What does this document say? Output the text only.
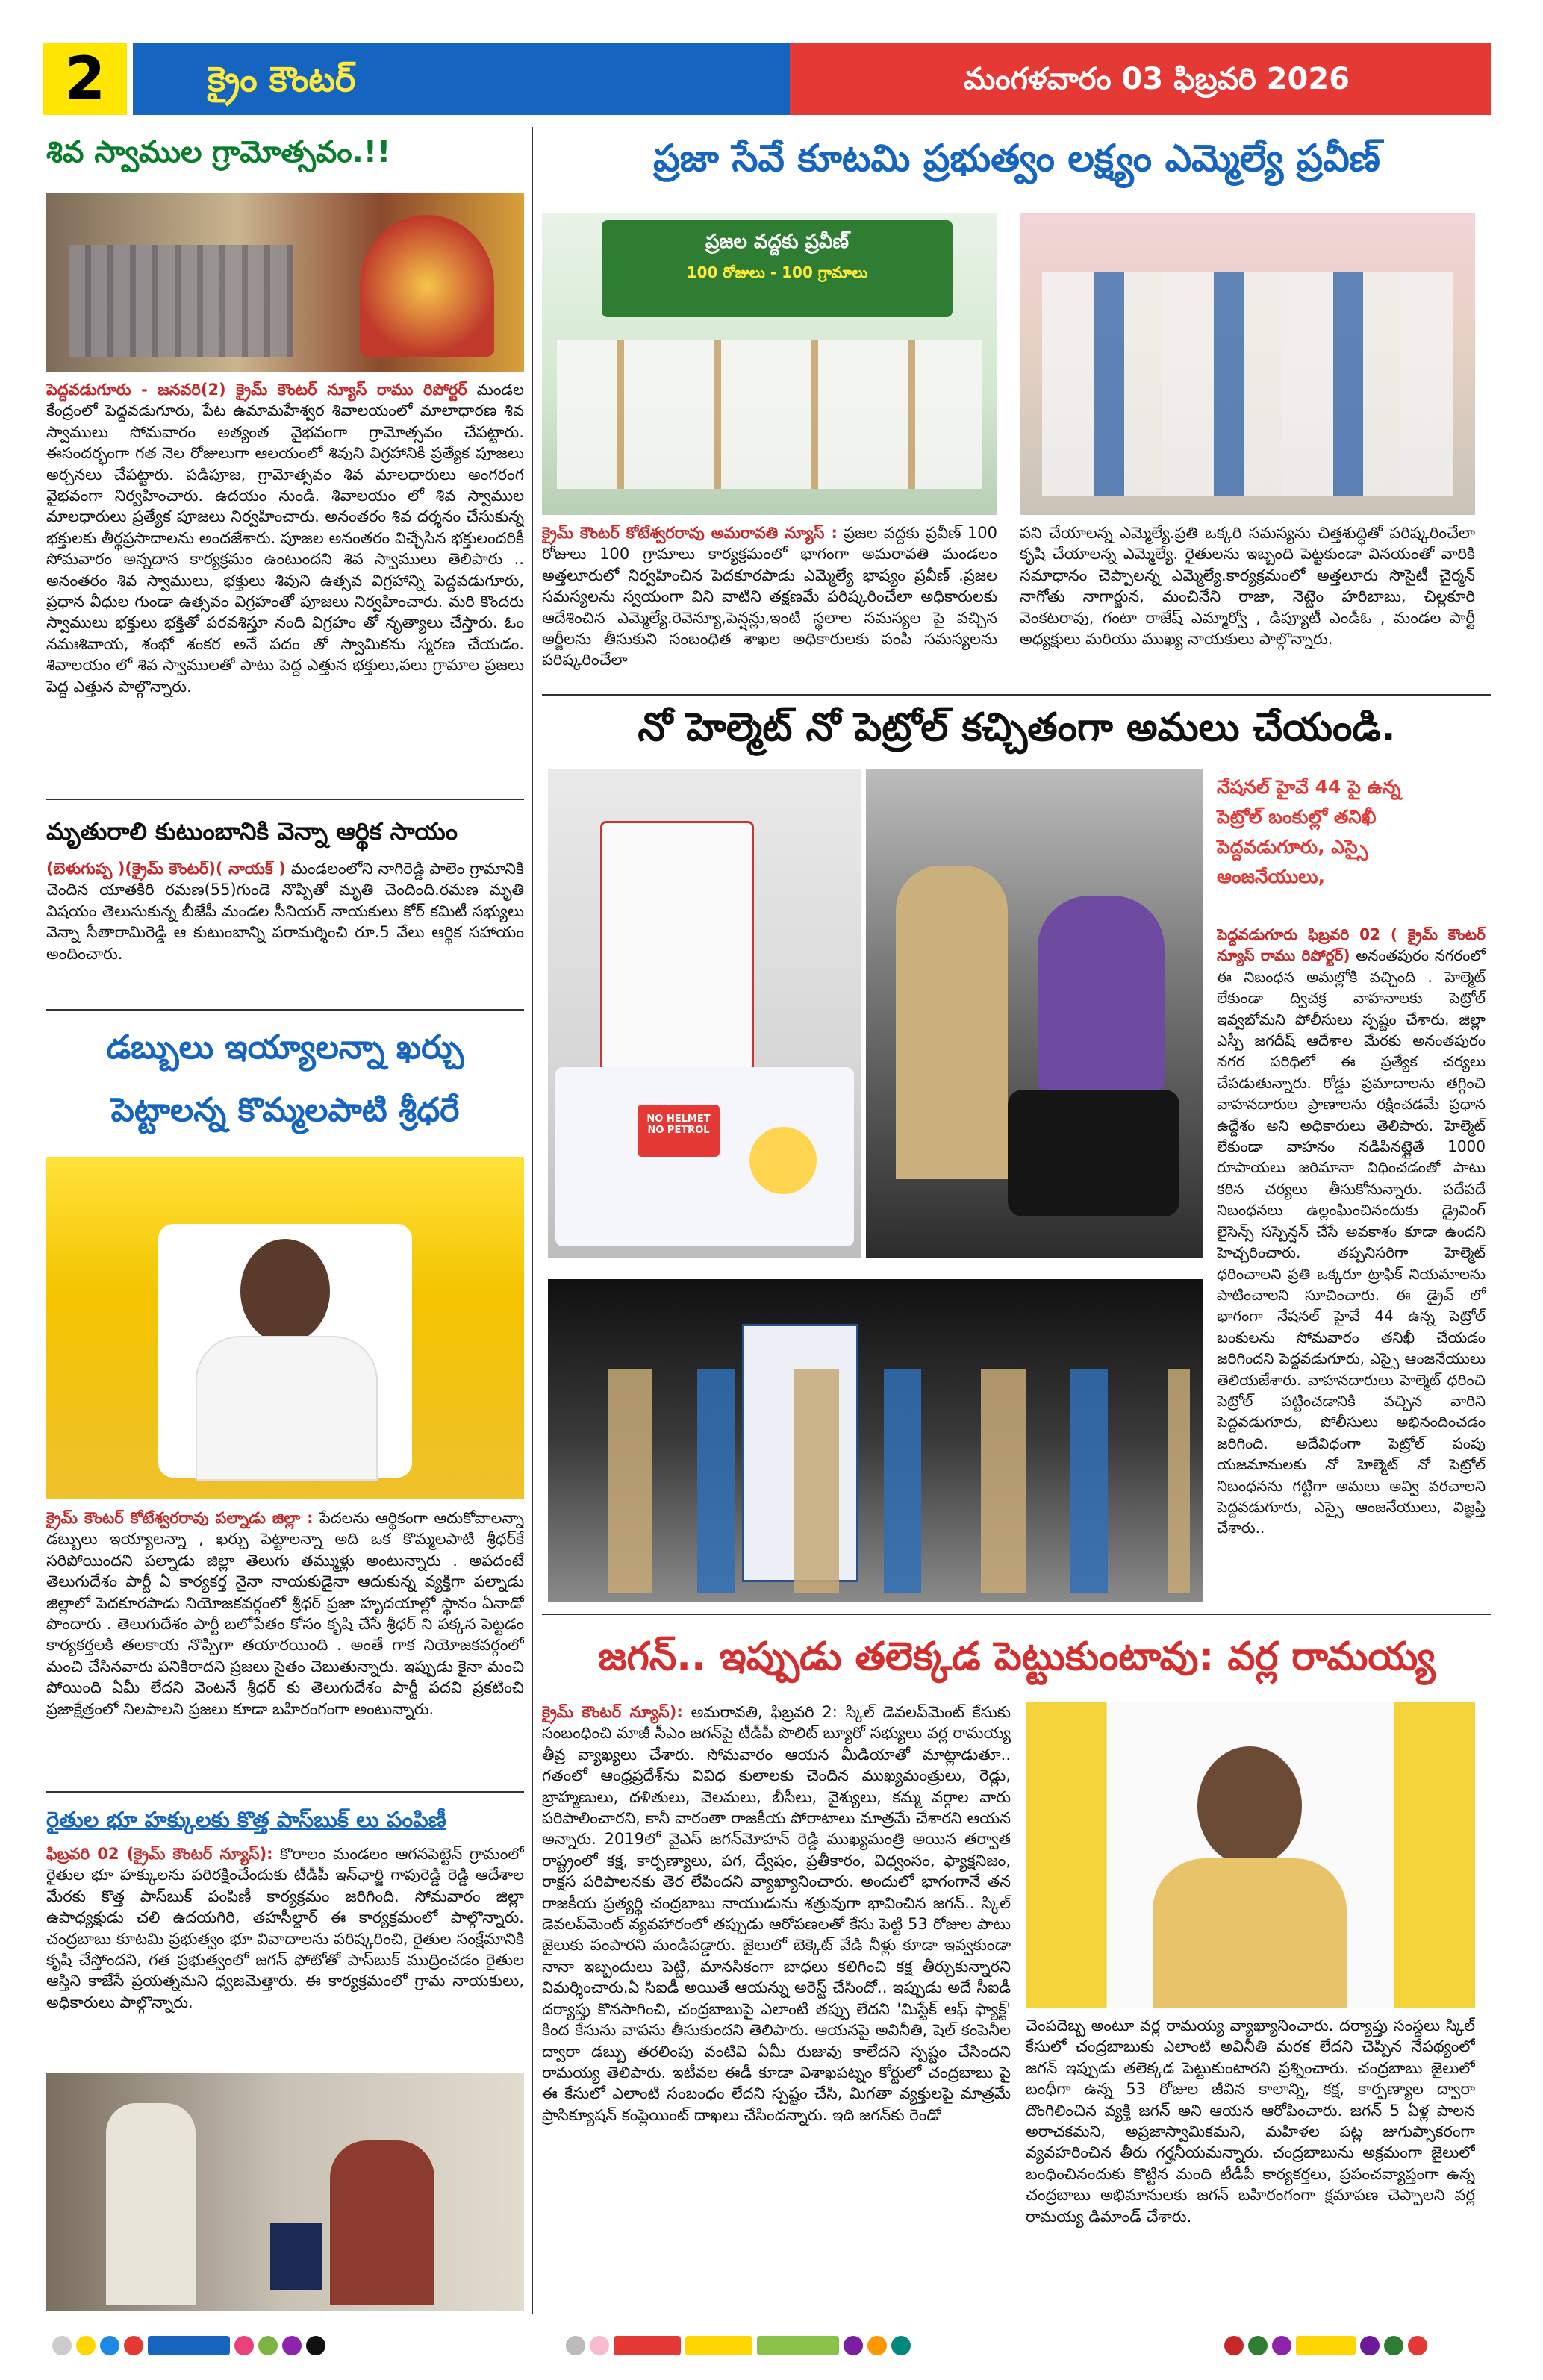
2	క్రైం కౌంటర్	మంగళవారం 03 ఫిబ్రవరి 2026
శివ స్వాముల గ్రామోత్సవం.!!
పెద్దవడుగూరు - జనవరి(2) క్రైమ్ కౌంటర్ న్యూస్ రాము రిపోర్టర్ మండల కేంద్రంలో పెద్దవడుగూరు, పేట ఉమామహేశ్వర శివాలయంలో మాలాధారణ శివ స్వాములు సోమవారం అత్యంత వైభవంగా గ్రామోత్సవం చేపట్టారు. ఈసందర్భంగా గత నెల రోజులుగా ఆలయంలో శివుని విగ్రహానికి ప్రత్యేక పూజలు అర్చనలు చేపట్టారు. పడిపూజ, గ్రామోత్సవం శివ మాలధారులు అంగరంగ వైభవంగా నిర్వహించారు. ఉదయం నుండి. శివాలయం లో శివ స్వాముల మాలధారులు ప్రత్యేక పూజలు నిర్వహించారు. అనంతరం శివ దర్శనం చేసుకున్న భక్తులకు తీర్థప్రసాదాలను అందజేశారు. పూజల అనంతరం విచ్చేసిన భక్తులందరికీ సోమవారం అన్నదాన కార్యక్రమం ఉంటుందని శివ స్వాములు తెలిపారు .. అనంతరం శివ స్వాములు, భక్తులు శివుని ఉత్సవ విగ్రహాన్ని పెద్దవడుగూరు, ప్రధాన వీధుల గుండా ఉత్సవం విగ్రహంతో పూజలు నిర్వహించారు. మరి కొందరు స్వాములు భక్తులు భక్తితో పరవశిస్తూ నంది విగ్రహం తో నృత్యాలు చేస్తారు. ఓం నమఃశివాయ, శంభో శంకర అనే పదం తో స్వామికను స్మరణ చేయడం. శివాలయం లో శివ స్వాములతో పాటు పెద్ద ఎత్తున భక్తులు,పలు గ్రామాల ప్రజలు పెద్ద ఎత్తున పాల్గొన్నారు.
మృతురాలి కుటుంబానికి వెన్నా ఆర్థిక సాయం
(బెళుగుప్ప )(క్రైమ్ కౌంటర్)( నాయక్ ) మండలంలోని నాగిరెడ్డి పాలెం గ్రామానికి చెందిన యాతకిరి రమణ(55)గుండె నొప్పితో మృతి చెందింది.రమణ మృతి విషయం తెలుసుకున్న బీజేపీ మండల సీనియర్ నాయకులు కోర్ కమిటీ సభ్యులు వెన్నా సీతారామిరెడ్డి ఆ కుటుంబాన్ని పరామర్శించి రూ.5 వేలు ఆర్థిక సహాయం అందించారు.
డబ్బులు ఇయ్యాలన్నా ఖర్చు
పెట్టాలన్న కొమ్మలపాటి శ్రీధరే
క్రైమ్ కౌంటర్ కోటేశ్వరరావు పల్నాడు జిల్లా : పేదలను ఆర్థికంగా ఆదుకోవాలన్నా డబ్బులు ఇయ్యాలన్నా , ఖర్చు పెట్టాలన్నా అది ఒక కొమ్మలపాటి శ్రీధర్‌కే సరిపోయిందని పల్నాడు జిల్లా తెలుగు తమ్ముళ్లు అంటున్నారు . అపదంటే తెలుగుదేశం పార్టీ ఏ కార్యకర్త నైనా నాయకుడైనా ఆదుకున్న వ్యక్తిగా పల్నాడు జిల్లాలో పెదకూరపాడు నియోజకవర్గంలో శ్రీధర్ ప్రజా హృదయాల్లో స్థానం ఏనాడో పొందారు . తెలుగుదేశం పార్టీ బలోపేతం కోసం కృషి చేసే శ్రీధర్ ని పక్కన పెట్టడం కార్యకర్తలకి తలకాయ నొప్పిగా తయారయింది . అంతే గాక నియోజకవర్గంలో మంచి చేసినవారు పనికిరాదని ప్రజలు సైతం చెబుతున్నారు. ఇప్పుడు కైనా మంచి పోయింది ఏమీ లేదని వెంటనే శ్రీధర్ కు తెలుగుదేశం పార్టీ పదవి ప్రకటించి ప్రజాక్షేత్రంలో నిలపాలని ప్రజలు కూడా బహిరంగంగా అంటున్నారు.
రైతుల భూ హక్కులకు కొత్త పాస్‌బుక్ లు పంపిణీ
ఫిబ్రవరి 02 (క్రైమ్ కౌంటర్ న్యూస్): కొరాలం మండలం ఆగనపెట్టెన్ గ్రామంలో రైతుల భూ హక్కులను పరిరక్షించేందుకు టీడీపీ ఇన్‌ఛార్జి గాపురెడ్డి రెడ్డి ఆదేశాల మేరకు కొత్త పాస్‌బుక్ పంపిణీ కార్యక్రమం జరిగింది. సోమవారం జిల్లా ఉపాధ్యక్షుడు చలి ఉదయగిరి, తహసీల్దార్ ఈ కార్యక్రమంలో పాల్గొన్నారు. చంద్రబాబు కూటమి ప్రభుత్వం భూ వివాదాలను పరిష్కరించి, రైతుల సంక్షేమానికి కృషి చేస్తోందని, గత ప్రభుత్వంలో జగన్ ఫోటోతో పాస్‌బుక్ ముద్రించడం రైతుల ఆస్తిని కాజేసే ప్రయత్నమని ధ్వజమెత్తారు. ఈ కార్యక్రమంలో గ్రామ నాయకులు, అధికారులు పాల్గొన్నారు.
ప్రజా సేవే కూటమి ప్రభుత్వం లక్ష్యం ఎమ్మెల్యే ప్రవీణ్
ప్రజల వద్దకు ప్రవీణ్
100 రోజులు - 100 గ్రామాలు
క్రైమ్ కౌంటర్ కోటేశ్వరరావు అమరావతి న్యూస్ : ప్రజల వద్దకు ప్రవీణ్ 100 రోజులు 100 గ్రామాలు కార్యక్రమంలో భాగంగా అమరావతి మండలం అత్తలూరులో నిర్వహించిన పెదకూరపాడు ఎమ్మెల్యే భాష్యం ప్రవీణ్ .ప్రజల సమస్యలను స్వయంగా విని వాటిని తక్షణమే పరిష్కరించేలా అధికారులకు ఆదేశించిన ఎమ్మెల్యే.రెవెన్యూ,పెన్షన్లు,ఇంటి స్థలాల సమస్యల పై వచ్చిన అర్జీలను తీసుకుని సంబంధిత శాఖల అధికారులకు పంపి సమస్యలను పరిష్కరించేలా
పని చేయాలన్న ఎమ్మెల్యే.ప్రతి ఒక్కరి సమస్యను చిత్తశుద్ధితో పరిష్కరించేలా కృషి చేయాలన్న ఎమ్మెల్యే. రైతులను ఇబ్బంది పెట్టకుండా వినయంతో వారికి సమాధానం చెప్పాలన్న ఎమ్మెల్యే.కార్యక్రమంలో అత్తలూరు సొసైటీ చైర్మన్ నాగోతు నాగార్జున, మంచినేని రాజా, నెట్టెం హరిబాబు, చిల్లకూరి వెంకటరావు, గంటా రాజేష్ ఎమ్మార్వో , డిప్యూటీ ఎండీఓ , మండల పార్టీ అధ్యక్షులు మరియు ముఖ్య నాయకులు పాల్గొన్నారు.
నో హెల్మెట్ నో పెట్రోల్ కచ్చితంగా అమలు చేయండి.
NO HELMET NO PETROL
నేషనల్ హైవే 44 పై ఉన్న
పెట్రోల్ బంకుల్లో తనిఖీ
పెద్దవడుగూరు, ఎస్సై
ఆంజనేయులు,
పెద్దవడుగూరు ఫిబ్రవరి 02 ( క్రైమ్ కౌంటర్ న్యూస్ రాము రిపోర్టర్) అనంతపురం నగరంలో ఈ నిబంధన అమల్లోకి వచ్చింది . హెల్మెట్ లేకుండా ద్విచక్ర వాహనాలకు పెట్రోల్ ఇవ్వబోమని పోలీసులు స్పష్టం చేశారు. జిల్లా ఎస్పీ జగదీష్ ఆదేశాల మేరకు అనంతపురం నగర పరిధిలో ఈ ప్రత్యేక చర్యలు చేపడుతున్నారు. రోడ్డు ప్రమాదాలను తగ్గించి వాహనదారుల ప్రాణాలను రక్షించడమే ప్రధాన ఉద్దేశం అని అధికారులు తెలిపారు. హెల్మెట్ లేకుండా వాహనం నడిపినట్లైతే 1000 రూపాయలు జరిమానా విధించడంతో పాటు కఠిన చర్యలు తీసుకోనున్నారు. పదేపదే నిబంధనలు ఉల్లంఘించినందుకు డ్రైవింగ్ లైసెన్స్ సస్పెన్షన్ చేసే అవకాశం కూడా ఉందని హెచ్చరించారు. తప్పనిసరిగా హెల్మెట్ ధరించాలని ప్రతి ఒక్కరూ ట్రాఫిక్ నియమాలను పాటించాలని సూచించారు. ఈ డ్రైవ్ లో భాగంగా నేషనల్ హైవే 44 ఉన్న పెట్రోల్ బంకులను సోమవారం తనిఖీ చేయడం జరిగిందని పెద్దవడుగూరు, ఎస్సై ఆంజనేయులు తెలియజేశారు. వాహనదారులు హెల్మెట్ ధరించి పెట్రోల్ పట్టించడానికి వచ్చిన వారిని పెద్దవడుగూరు, పోలీసులు అభినందించడం జరిగింది. అదేవిధంగా పెట్రోల్ పంపు యజమానులకు నో హెల్మెట్ నో పెట్రోల్ నిబంధనను గట్టిగా అమలు అవ్వి వరచాలని పెద్దవడుగూరు, ఎస్సై ఆంజనేయులు, విజ్ఞప్తి చేశారు..
జగన్.. ఇప్పుడు తలెక్కడ పెట్టుకుంటావు: వర్ల రామయ్య
క్రైమ్ కౌంటర్ న్యూస్): అమరావతి, ఫిబ్రవరి 2: స్కిల్ డెవలప్‌మెంట్ కేసుకు సంబంధించి మాజీ సీఎం జగన్‌పై టీడీపీ పొలిట్ బ్యూరో సభ్యులు వర్ల రామయ్య తీవ్ర వ్యాఖ్యలు చేశారు. సోమవారం ఆయన మీడియాతో మాట్లాడుతూ.. గతంలో ఆంధ్రప్రదేశ్‌ను వివిధ కులాలకు చెందిన ముఖ్యమంత్రులు, రెడ్లు, బ్రాహ్మణులు, దళితులు, వెలమలు, బీసీలు, వైశ్యులు, కమ్మ వర్గాల వారు పరిపాలించారని, కానీ వారంతా రాజకీయ పోరాటాలు మాత్రమే చేశారని ఆయన అన్నారు. 2019లో వైఎస్ జగన్‌మోహన్ రెడ్డి ముఖ్యమంత్రి అయిన తర్వాత రాష్ట్రంలో కక్ష, కార్పణ్యాలు, పగ, ద్వేషం, ప్రతీకారం, విధ్వంసం, ఫ్యాక్షనిజం, రాక్షస పరిపాలనకు తెర లేపిందని వ్యాఖ్యానించారు. అందులో భాగంగానే తన రాజకీయ ప్రత్యర్థి చంద్రబాబు నాయుడును శత్రువుగా భావించిన జగన్.. స్కిల్ డెవలప్‌మెంట్ వ్యవహారంలో తప్పుడు ఆరోపణలతో కేసు పెట్టి 53 రోజుల పాటు జైలుకు పంపారని మండిపడ్డారు. జైలులో బెక్కెట్ వేడి నీళ్లు కూడా ఇవ్వకుండా నానా ఇబ్బందులు పెట్టి, మానసికంగా బాధలు కలిగించి కక్ష తీర్చుకున్నారని విమర్శించారు.ఏ సిఐడీ అయితే ఆయన్ను అరెస్ట్ చేసిందో.. ఇప్పుడు అదే సీఐడీ దర్యాప్తు కొనసాగించి, చంద్రబాబుపై ఎలాంటి తప్పు లేదని 'మిస్టేక్ ఆఫ్ ఫ్యాక్ట్' కింద కేసును వాపసు తీసుకుందని తెలిపారు. ఆయనపై అవినీతి, షెల్ కంపెనీల ద్వారా డబ్బు తరలింపు వంటివి ఏమీ రుజువు కాలేదని స్పష్టం చేసిందని రామయ్య తెలిపారు. ఇటీవల ఈడీ కూడా విశాఖపట్నం కోర్టులో చంద్రబాబు పై ఈ కేసులో ఎలాంటి సంబంధం లేదని స్పష్టం చేసి, మిగతా వ్యక్తులపై మాత్రమే ప్రాసిక్యూషన్ కంప్లెయింట్ దాఖలు చేసిందన్నారు. ఇది జగన్‌కు రెండో
చెంపదెబ్బ అంటూ వర్ల రామయ్య వ్యాఖ్యానించారు. దర్యాప్తు సంస్థలు స్కిల్ కేసులో చంద్రబాబుకు ఎలాంటి అవినీతి మరక లేదని చెప్పిన నేపథ్యంలో జగన్ ఇప్పుడు తలెక్కడ పెట్టుకుంటారని ప్రశ్నించారు. చంద్రబాబు జైలులో బంధీగా ఉన్న 53 రోజుల జీవిన కాలాన్ని, కక్ష, కార్పణ్యాల ద్వారా దొంగిలించిన వ్యక్తి జగన్ అని ఆయన ఆరోపించారు. జగన్ 5 ఏళ్ల పాలన అరాచకమని, అప్రజాస్వామికమని, మహిళల పట్ల జుగుప్సాకరంగా వ్యవహరించిన తీరు గర్హనీయమన్నారు. చంద్రబాబును అక్రమంగా జైలులో బంధించినందుకు కొట్టిన మంది టీడీపీ కార్యకర్తలు, ప్రపంచవ్యాప్తంగా ఉన్న చంద్రబాబు అభిమానులకు జగన్ బహిరంగంగా క్షమాపణ చెప్పాలని వర్ల రామయ్య డిమాండ్ చేశారు.
